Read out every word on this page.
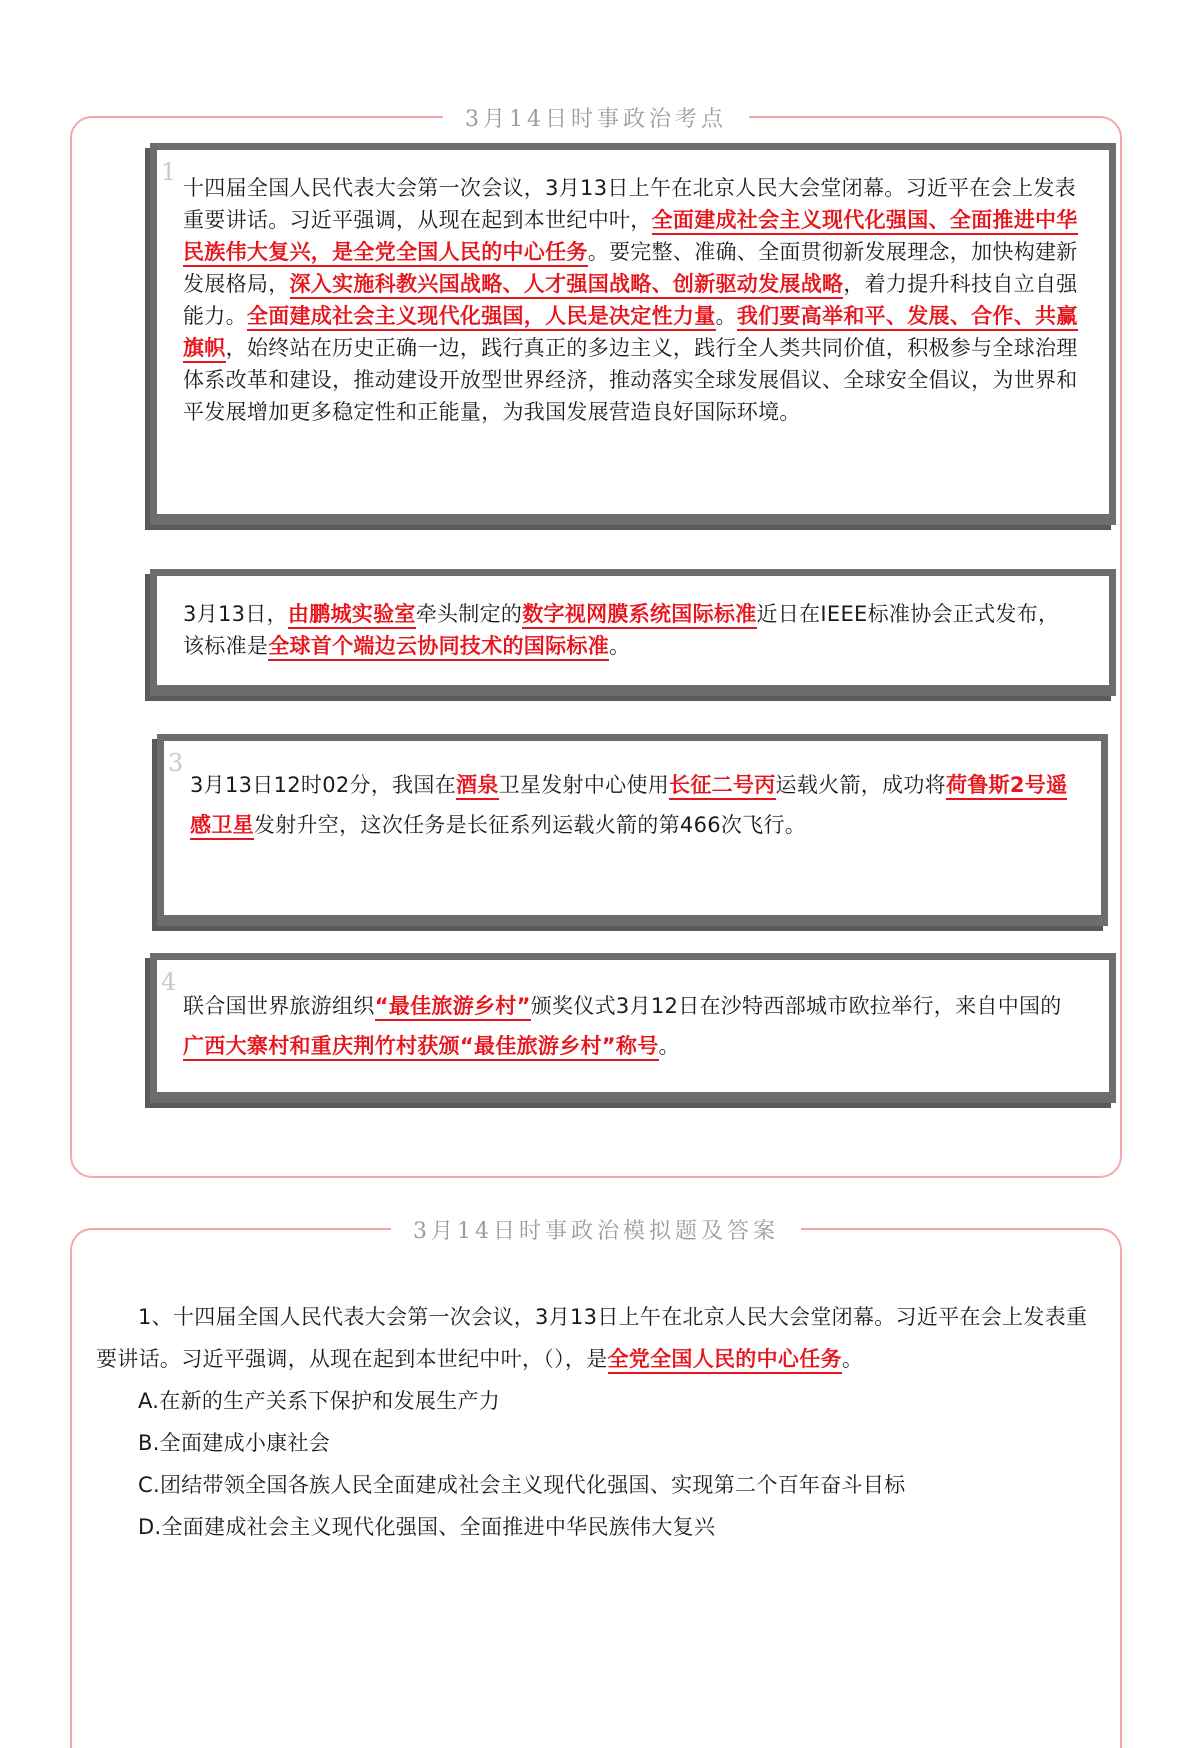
3月14日时事政治考点
1

十四届全国人民代表大会第一次会议，3月13日上午在北京人民大会堂闭幕。习近平在会上发表重要讲话。习近平强调，从现在起到本世纪中叶，全面建成社会主义现代化强国、全面推进中华民族伟大复兴，是全党全国人民的中心任务。要完整、准确、全面贯彻新发展理念，加快构建新发展格局，深入实施科教兴国战略、人才强国战略、创新驱动发展战略，着力提升科技自立自强能力。全面建成社会主义现代化强国，人民是决定性力量。我们要高举和平、发展、合作、共赢旗帜，始终站在历史正确一边，践行真正的多边主义，践行全人类共同价值，积极参与全球治理体系改革和建设，推动建设开放型世界经济，推动落实全球发展倡议、全球安全倡议，为世界和平发展增加更多稳定性和正能量，为我国发展营造良好国际环境。

3月13日，由鹏城实验室牵头制定的数字视网膜系统国际标准近日在IEEE标准协会正式发布，该标准是全球首个端边云协同技术的国际标准。

3

3月13日12时02分，我国在酒泉卫星发射中心使用长征二号丙运载火箭，成功将荷鲁斯2号遥感卫星发射升空，这次任务是长征系列运载火箭的第466次飞行。

4

联合国世界旅游组织“最佳旅游乡村”颁奖仪式3月12日在沙特西部城市欧拉举行，来自中国的广西大寨村和重庆荆竹村获颁“最佳旅游乡村”称号。

3月14日时事政治模拟题及答案

1、十四届全国人民代表大会第一次会议，3月13日上午在北京人民大会堂闭幕。习近平在会上发表重要讲话。习近平强调，从现在起到本世纪中叶，（），是全党全国人民的中心任务。

A.在新的生产关系下保护和发展生产力

B.全面建成小康社会

C.团结带领全国各族人民全面建成社会主义现代化强国、实现第二个百年奋斗目标

D.全面建成社会主义现代化强国、全面推进中华民族伟大复兴
